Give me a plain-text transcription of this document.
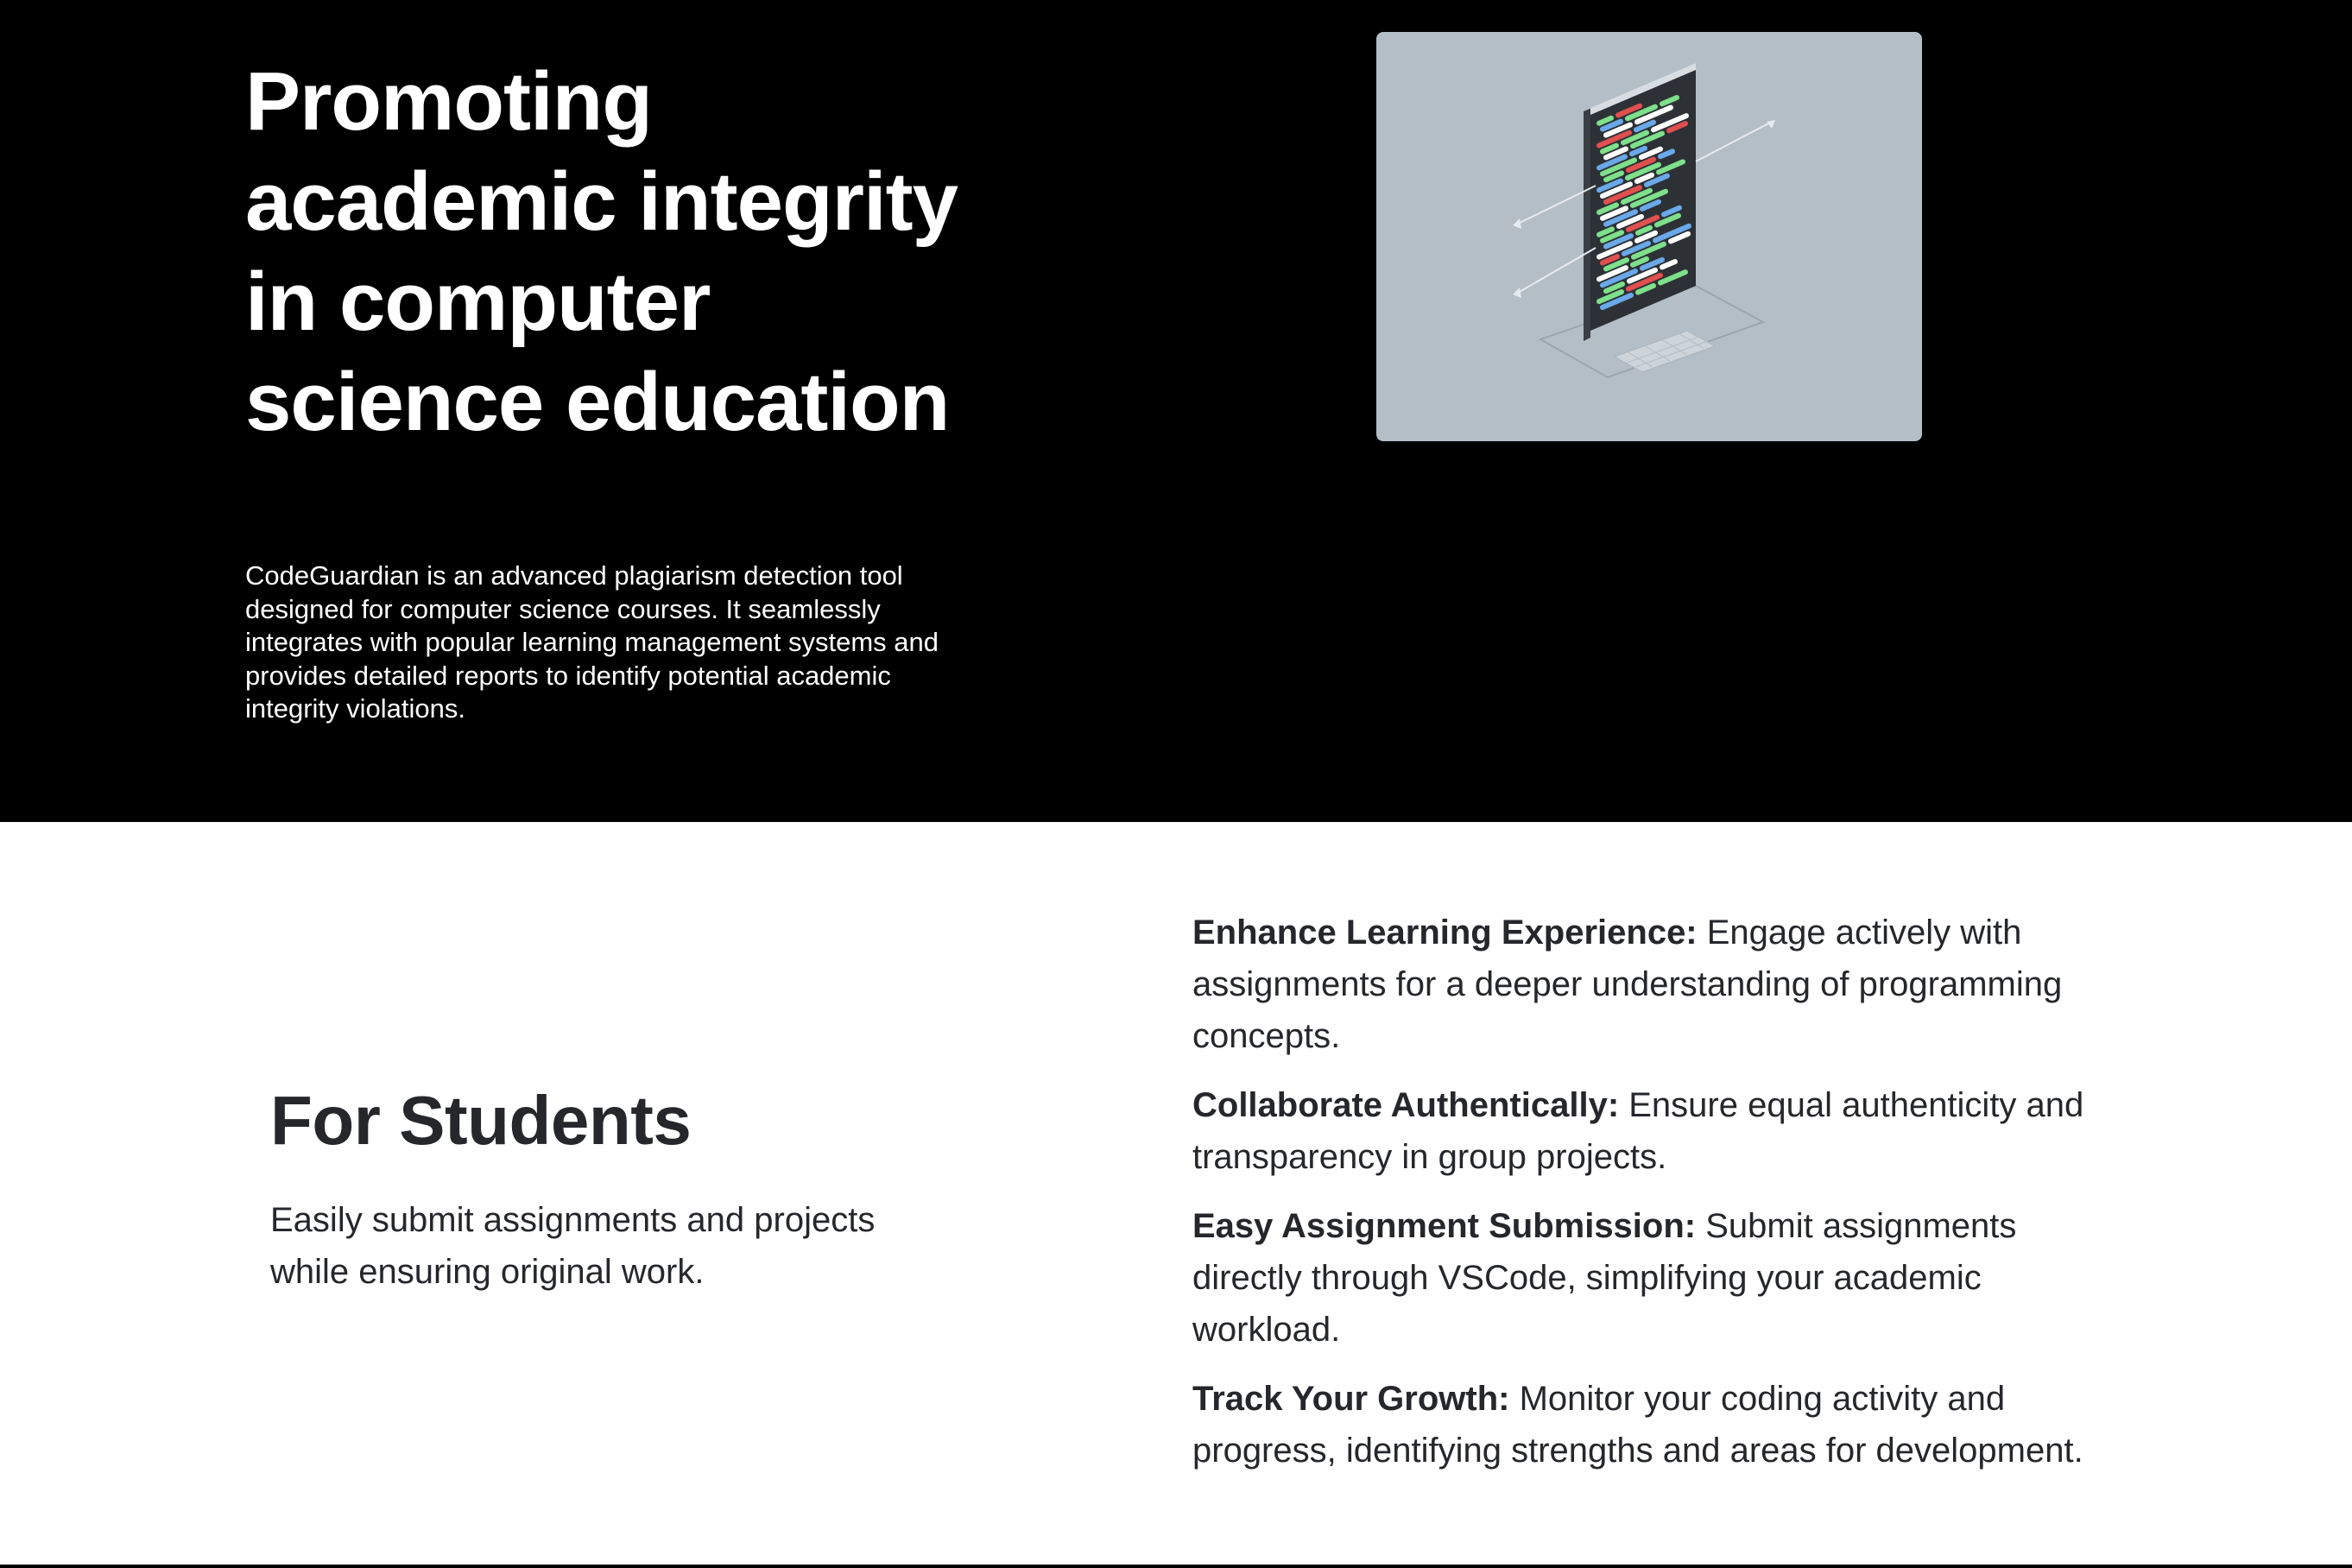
Promoting academic integrity in computer science education

CodeGuardian is an advanced plagiarism detection tool designed for computer science courses. It seamlessly integrates with popular learning management systems and provides detailed reports to identify potential academic integrity violations.

For Students

Easily submit assignments and projects while ensuring original work.

Enhance Learning Experience: Engage actively with assignments for a deeper understanding of programming concepts.
Collaborate Authentically: Ensure equal authenticity and transparency in group projects.
Easy Assignment Submission: Submit assignments directly through VSCode, simplifying your academic workload.
Track Your Growth: Monitor your coding activity and progress, identifying strengths and areas for development.
